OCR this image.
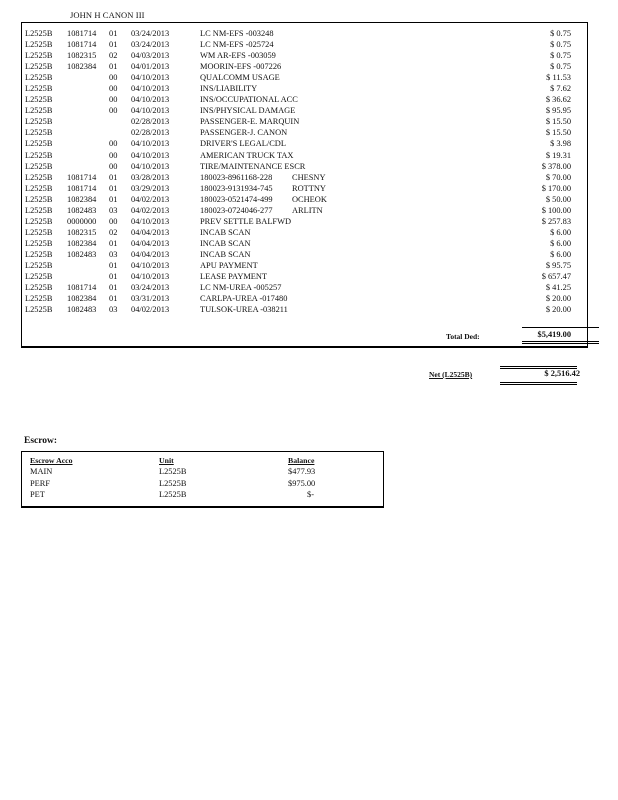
JOHN H CANON III
L2525B 1081714 01 03/24/2013	LC NM-EFS -003248	$ 0.75
L2525B 1081714 01 03/24/2013	LC NM-EFS -025724	$ 0.75
L2525B 1082315 02 04/03/2013	WM AR-EFS -003059	$ 0.75
L2525B 1082384 01 04/01/2013	MOORIN-EFS -007226	$ 0.75
L2525B	00 04/10/2013	QUALCOMM USAGE	$ 11.53
L2525B	00 04/10/2013	INS/LIABILITY	$ 7.62
L2525B	00 04/10/2013	INS/OCCUPATIONAL ACC	$ 36.62
L2525B	00 04/10/2013	INS/PHYSICAL DAMAGE	$ 95.95
L2525B	02/28/2013	PASSENGER-E. MARQUIN	$ 15.50
L2525B	02/28/2013	PASSENGER-J. CANON	$ 15.50
L2525B	00 04/10/2013	DRIVER'S LEGAL/CDL	$ 3.98
L2525B	00 04/10/2013	AMERICAN TRUCK TAX	$ 19.31
L2525B	00 04/10/2013	TIRE/MAINTENANCE ESCR	$ 378.00
L2525B 1081714 01 03/28/2013	180023-8961168-228 CHESNY	$ 70.00
L2525B 1081714 01 03/29/2013	180023-9131934-745 ROTTNY	$ 170.00
L2525B 1082384 01 04/02/2013	180023-0521474-499 OCHEOK	$ 50.00
L2525B 1082483 03 04/02/2013	180023-0724046-277 ARLITN	$ 100.00
L2525B 0000000 00 04/10/2013	PREV SETTLE BALFWD	$ 257.83
L2525B 1082315 02 04/04/2013	INCAB SCAN	$ 6.00
L2525B 1082384 01 04/04/2013	INCAB SCAN	$ 6.00
L2525B 1082483 03 04/04/2013	INCAB SCAN	$ 6.00
L2525B	01 04/10/2013	APU PAYMENT	$ 95.75
L2525B	01 04/10/2013	LEASE PAYMENT	$ 657.47
L2525B 1081714 01 03/24/2013	LC NM-UREA -005257	$ 41.25
L2525B 1082384 01 03/31/2013	CARLPA-UREA -017480	$ 20.00
L2525B 1082483 03 04/02/2013	TULSOK-UREA -038211	$ 20.00
Total Ded:	$5,419.00
Net (L2525B)	$ 2,516.42
Escrow:
Escrow Acco	Unit	Balance
MAIN	L2525B	$477.93
PERF	L2525B	$975.00
PET	L2525B	$-
